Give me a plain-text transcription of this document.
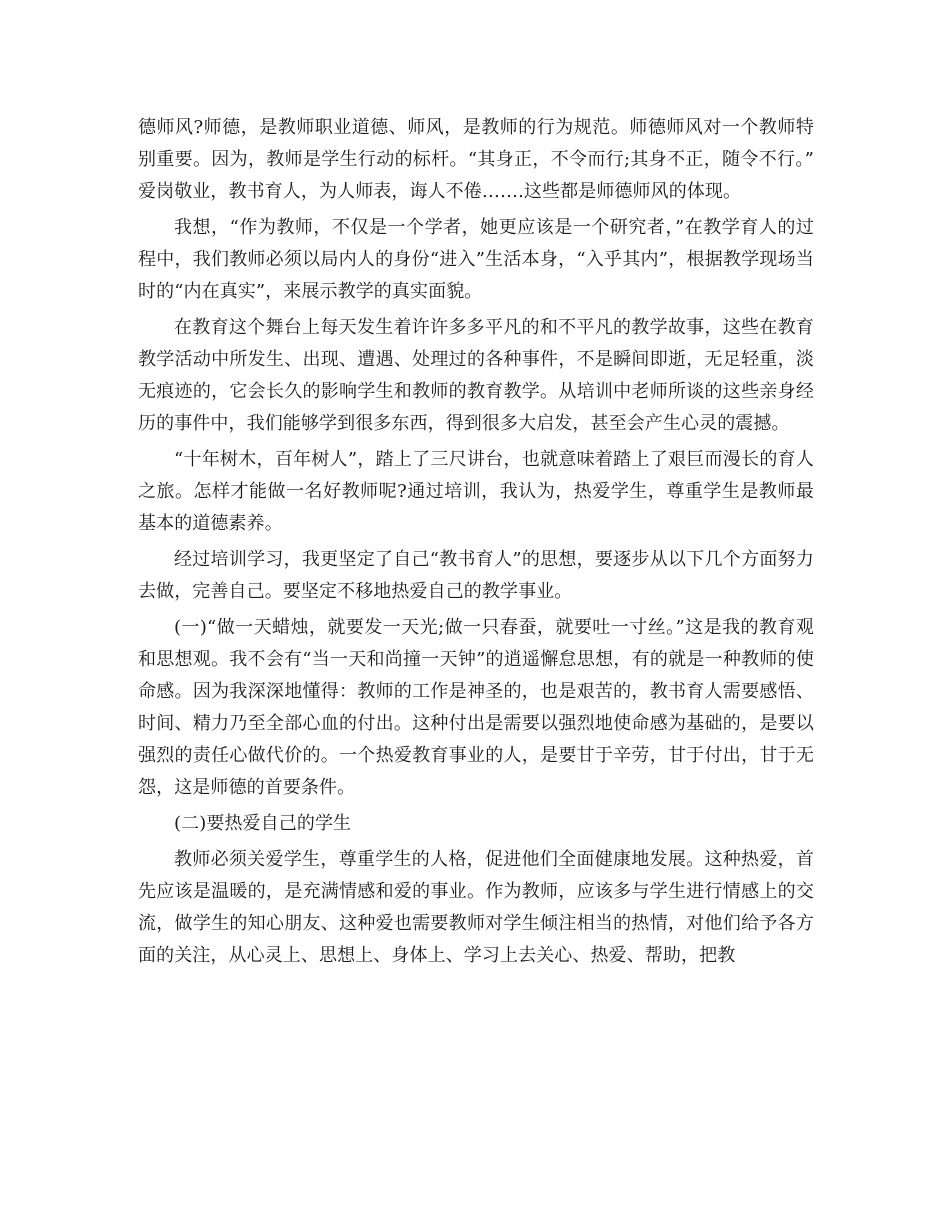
德师风?师德，是教师职业道德、师风，是教师的行为规范。师德师风对一个教师特别重要。因为，教师是学生行动的标杆。“其身正，不令而行;其身不正，随令不行。”爱岗敬业，教书育人，为人师表，诲人不倦…….这些都是师德师风的体现。

我想，“作为教师，不仅是一个学者，她更应该是一个研究者，”在教学育人的过程中，我们教师必须以局内人的身份“进入”生活本身，“入乎其内”，根据教学现场当时的“内在真实”，来展示教学的真实面貌。

在教育这个舞台上每天发生着许许多多平凡的和不平凡的教学故事，这些在教育教学活动中所发生、出现、遭遇、处理过的各种事件，不是瞬间即逝，无足轻重，淡无痕迹的，它会长久的影响学生和教师的教育教学。从培训中老师所谈的这些亲身经历的事件中，我们能够学到很多东西，得到很多大启发，甚至会产生心灵的震撼。

“十年树木，百年树人”，踏上了三尺讲台，也就意味着踏上了艰巨而漫长的育人之旅。怎样才能做一名好教师呢?通过培训，我认为，热爱学生，尊重学生是教师最基本的道德素养。

经过培训学习，我更坚定了自己“教书育人”的思想，要逐步从以下几个方面努力去做，完善自己。要坚定不移地热爱自己的教学事业。

(一)“做一天蜡烛，就要发一天光;做一只春蚕，就要吐一寸丝。”这是我的教育观和思想观。我不会有“当一天和尚撞一天钟”的逍遥懈怠思想，有的就是一种教师的使命感。因为我深深地懂得：教师的工作是神圣的，也是艰苦的，教书育人需要感悟、时间、精力乃至全部心血的付出。这种付出是需要以强烈地使命感为基础的，是要以强烈的责任心做代价的。一个热爱教育事业的人，是要甘于辛劳，甘于付出，甘于无怨，这是师德的首要条件。

(二)要热爱自己的学生

教师必须关爱学生，尊重学生的人格，促进他们全面健康地发展。这种热爱，首先应该是温暖的，是充满情感和爱的事业。作为教师，应该多与学生进行情感上的交流，做学生的知心朋友、这种爱也需要教师对学生倾注相当的热情，对他们给予各方面的关注，从心灵上、思想上、身体上、学习上去关心、热爱、帮助，把教
